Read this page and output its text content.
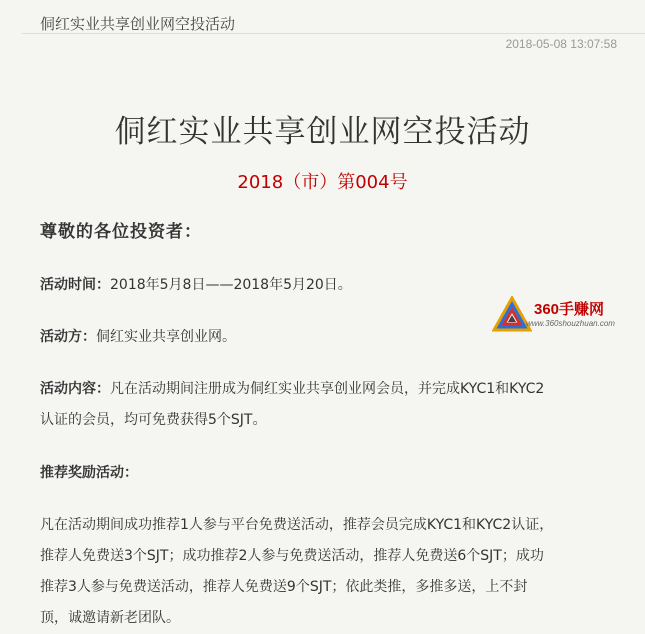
侗红实业共享创业网空投活动
2018-05-08 13:07:58
侗红实业共享创业网空投活动
2018（市）第004号
尊敬的各位投资者：
活动时间：2018年5月8日——2018年5月20日。
活动方：侗红实业共享创业网。
活动内容：凡在活动期间注册成为侗红实业共享创业网会员，并完成KYC1和KYC2
认证的会员，均可免费获得5个SJT。
推荐奖励活动：
凡在活动期间成功推荐1人参与平台免费送活动，推荐会员完成KYC1和KYC2认证，
推荐人免费送3个SJT；成功推荐2人参与免费送活动，推荐人免费送6个SJT；成功
推荐3人参与免费送活动，推荐人免费送9个SJT；依此类推，多推多送，上不封
顶，诚邀请新老团队。
360手赚网
www.360shouzhuan.com
